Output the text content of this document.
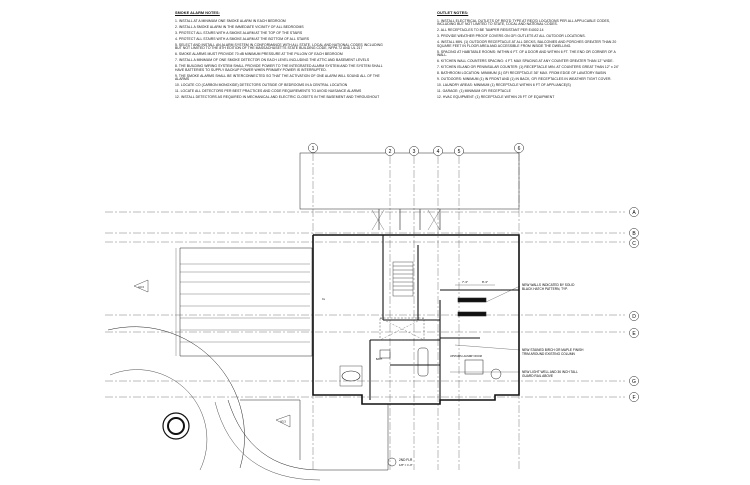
SMOKE ALARM NOTES:
1. INSTALL AT A MINIMUM ONE SMOKE ALARM IN EACH BEDROOM
2. INSTALL A SMOKE ALARM IN THE IMMEDIATE VICINITY OF ALL BEDROOMS
3. PROTECT ALL STAIRS WITH A SMOKE ALARM AT THE TOP OF THE STAIRS
4. PROTECT ALL STAIRS WITH A SMOKE ALARM AT THE BOTTOM OF ALL STAIRS
5. SELECT AND INSTALL AN ALARM SYSTEM IN CONFORMANCE WITH ALL STATE, LOCAL AND NATIONAL CODES INCLUDING
BUT NOT LIMITED TO THE 8TH EDITION OF THE MASSACHUSETTS STATE BUILDING CODE, NFPA 72 AND UL 217
6. SMOKE ALARMS MUST PROVIDE 70 dB MINIMUM PRESSURE AT THE PILLOW OF EACH BEDROOM
7. INSTALL A MINIMUM OF ONE SMOKE DETECTOR ON EACH LEVEL INCLUDING THE ATTIC AND BASEMENT LEVELS
8. THE BUILDING WIRING SYSTEM SHALL PROVIDE POWER TO THE INTEGRATED ALARM SYSTEM AND THE SYSTEM SHALL
HAVE BATTERIES TO SUPPLY BACKUP POWER WHEN PRIMARY POWER IS INTERRUPTED.
9. THE SMOKE ALARMS SHALL BE INTERCONNECTED SO THAT THE ACTIVATION OF ONE ALARM WILL SOUND ALL OF THE
ALARMS
10. LOCATE CO (CARBON MONOXIDE) DETECTORS OUTSIDE OF BEDROOMS IN A CENTRAL LOCATION
11. LOCATE ALL DETECTORS PER BEST PRACTICES AND CODE REQUIREMENTS TO AVOID NUISANCE ALARMS
12. INSTALL DETECTORS AS REQUIRED IN MECHANICAL AND ELECTRIC CLOSETS IN THE BASEMENT AND THROUGHOUT
OUTLET NOTES:
1. INSTALL ELECTRICAL OUTLETS OF REQ'D TYPE AT REQ'D LOCATIONS PER ALL APPLICABLE CODES,
INCLUDING BUT NOT LIMITED TO STATE, LOCAL AND NATIONAL CODES.
2. ALL RECEPTACLES TO BE TAMPER RESISTANT PER E4002.14
3. PROVIDE WEATHER PROOF COVERS ON GFI OUTLETS AT ALL OUTDOOR LOCATIONS.
4. INSTALL MIN. (1) OUTDOOR RECEPTACLE AT ALL DECKS, BALCONIES AND PORCHES GREATER THAN 20
SQUARE FEET IN FLOOR AREA AND ACCESSIBLE FROM INSIDE THE DWELLING.
5. SPACING AT HABITABLE ROOMS: WITHIN 6 FT. OF A DOOR AND WITHIN 6 FT. THE END OR CORNER OF A
WALL.
6. KITCHEN WALL COUNTERS SPACING: 4 FT. MAX SPACING AT ANY COUNTER GREATER THAN 12" WIDE.
7. KITCHEN ISLAND OR PENINSULAR COUNTER: (1) RECEPTACLE MIN. AT COUNTERS GREAT THAN 12" x 24"
8. BATHROOM LOCATION: MINIMUM (1) GFI RECEPTACLE 36" MAX. FROM EDGE OF LAVATORY BASIN
9. OUTDOORS: MINIMUM (1) IN FRONT AND (1) IN BACK, GFI RECEPTACLES IN WEATHER TIGHT COVER.
10. LAUNDRY AREAS: MINIMUM (1) RECEPTACLE WITHIN 6 FT OF APPLIANCE(S)
11. GARAGE: (1) MINIMUM GFI RECEPTACLE
12. HVAC EQUIPMENT: (1) RECEPTACLE WITHIN 25 FT OF EQUIPMENT
1	2	3	4	5	6
A
B
C
D
E
G
F
A3.3
A3.3
NEW WALLS INDICATED BY SOLID BLACK HATCH PATTERN, TYP.
NEW STAINED BIRCH OR MAPLE FINISH TRIM AROUND EXISTING COLUMN
NEW LIGHT WELL AND 36 INCH TALL GUARD RAIL ABOVE
7'-3"	8'-3"
UPSTAIRS LAUNDRY ROOM
BATH
CL
2ND FLR
1/8" = 1'-0"
